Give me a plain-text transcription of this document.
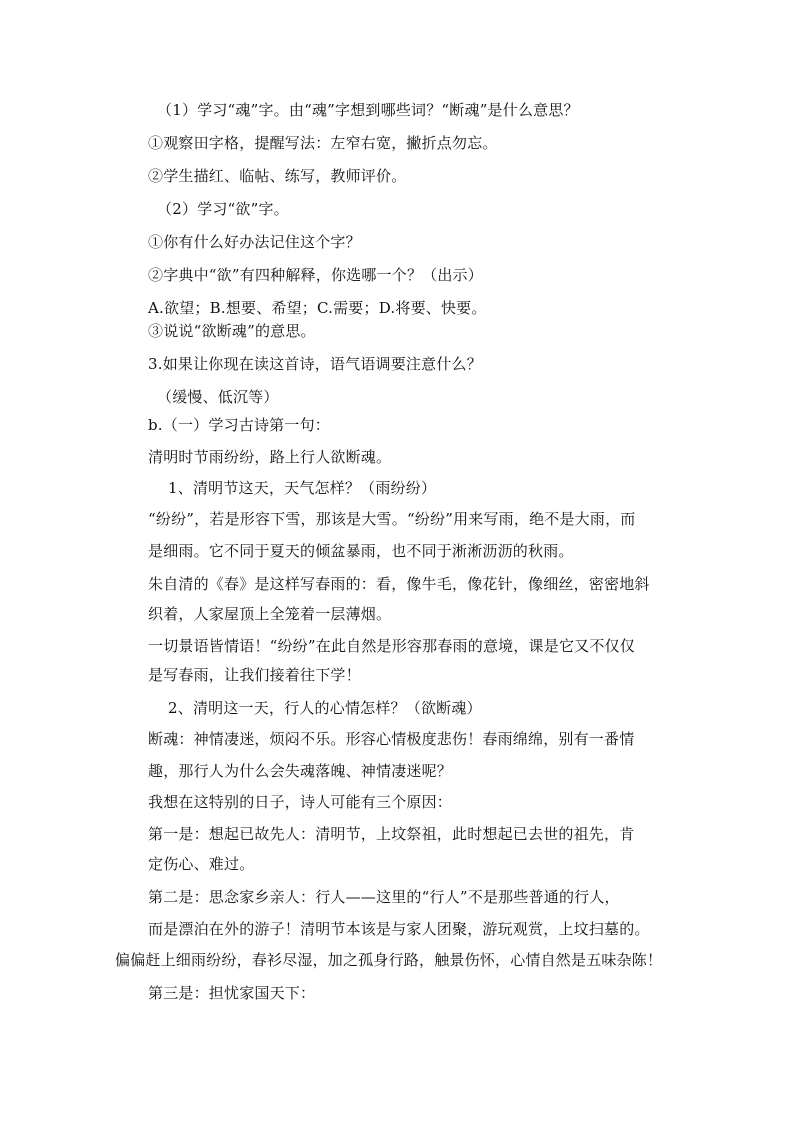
（1）学习“魂”字。由“魂”字想到哪些词？“断魂”是什么意思？
①观察田字格，提醒写法：左窄右宽，撇折点勿忘。
②学生描红、临帖、练写，教师评价。
（2）学习“欲”字。
①你有什么好办法记住这个字？
②字典中“欲”有四种解释，你选哪一个？（出示）
A.欲望；B.想要、希望；C.需要；D.将要、快要。
③说说“欲断魂”的意思。
3.如果让你现在读这首诗，语气语调要注意什么？
（缓慢、低沉等）
b.（一）学习古诗第一句：
清明时节雨纷纷，路上行人欲断魂。
1、清明节这天，天气怎样？（雨纷纷）
“纷纷”，若是形容下雪，那该是大雪。“纷纷”用来写雨，绝不是大雨，而
是细雨。它不同于夏天的倾盆暴雨，也不同于淅淅沥沥的秋雨。
朱自清的《春》是这样写春雨的：看，像牛毛，像花针，像细丝，密密地斜
织着，人家屋顶上全笼着一层薄烟。
一切景语皆情语！“纷纷”在此自然是形容那春雨的意境，课是它又不仅仅
是写春雨，让我们接着往下学！
2、清明这一天，行人的心情怎样？（欲断魂）
断魂：神情凄迷，烦闷不乐。形容心情极度悲伤！春雨绵绵，别有一番情
趣，那行人为什么会失魂落魄、神情凄迷呢？
我想在这特别的日子，诗人可能有三个原因：
第一是：想起已故先人：清明节，上坟祭祖，此时想起已去世的祖先，肯
定伤心、难过。
第二是：思念家乡亲人：行人——这里的“行人”不是那些普通的行人，
而是漂泊在外的游子！清明节本该是与家人团聚，游玩观赏，上坟扫墓的。
偏偏赶上细雨纷纷，春衫尽湿，加之孤身行路，触景伤怀，心情自然是五味杂陈！
第三是：担忧家国天下：
